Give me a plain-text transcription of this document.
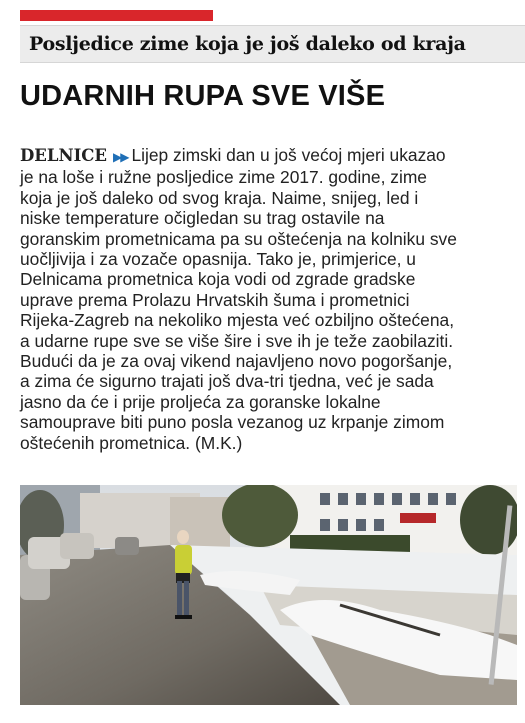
Posljedice zime koja je još daleko od kraja
UDARNIH RUPA SVE VIŠE
DELNICE ▶▶ Lijep zimski dan u još većoj mjeri ukazao
je na loše i ružne posljedice zime 2017. godine, zime
koja je još daleko od svog kraja. Naime, snijeg, led i
niske temperature očigledan su trag ostavile na
goranskim prometnicama pa su oštećenja na kolniku sve
uočljivija i za vozače opasnija. Tako je, primjerice, u
Delnicama prometnica koja vodi od zgrade gradske
uprave prema Prolazu Hrvatskih šuma i prometnici
Rijeka-Zagreb na nekoliko mjesta već ozbiljno oštećena,
a udarne rupe sve se više šire i sve ih je teže zaobilaziti.
Budući da je za ovaj vikend najavljeno novo pogoršanje,
a zima će sigurno trajati još dva-tri tjedna, već je sada
jasno da će i prije proljeća za goranske lokalne
samouprave biti puno posla vezanog uz krpanje zimom
oštećenih prometnica. (M.K.)
